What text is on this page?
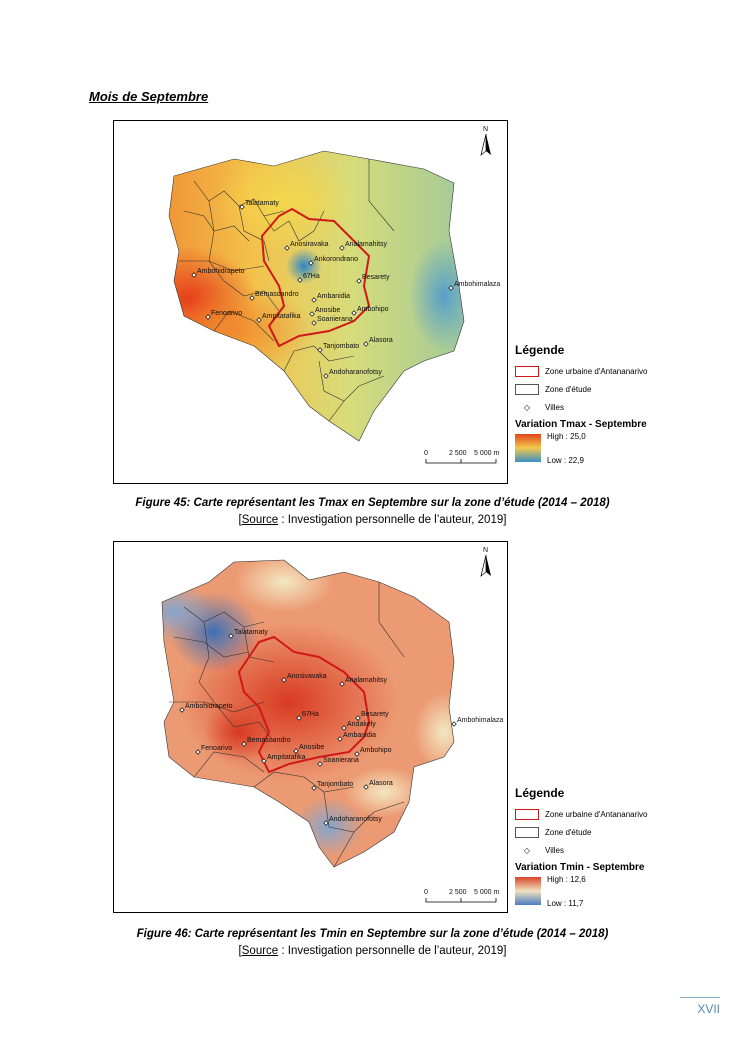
Mois de Septembre
Talatamaty
Anosiravaka Analamahitsy
Ankorondrano
Ambohidrapeto
Besarety
67Ha
Ambanidia
Bemasoandro
Anosibe
Fenoarivo	Ampitatafika
Ambohipo
Soanierana
Tanjombato
Alasora
Andoharanofotsy
Ambohimalaza
N
0	2 500 5 000 m
Légende
Zone urbaine d'Antananarivo
Zone d'étude
◇	Villes
Variation Tmax - Septembre
High : 25,0
Low : 22,9
Figure 45: Carte représentant les Tmax en Septembre sur la zone d’étude (2014 – 2018)
[Source : Investigation personnelle de l’auteur, 2019]
Talatamaty
Anosivavaka
Analamahitsy
Ambohidrapeto
67Ha	Besarety
Andakely
Ambanidia
Bemasoandro
Anosibe
Fenoarivo
Ampitatafika
Ambohipo
Soanierana
Tanjombato Alasora
Andoharanofotsy
Ambohimalaza
N
0	2 500 5 000 m
Légende
Zone urbaine d'Antananarivo
Zone d'étude
◇	Villes
Variation Tmin - Septembre
High : 12,6
Low : 11,7
Figure 46: Carte représentant les Tmin en Septembre sur la zone d’étude (2014 – 2018)
[Source : Investigation personnelle de l’auteur, 2019]
XVII
